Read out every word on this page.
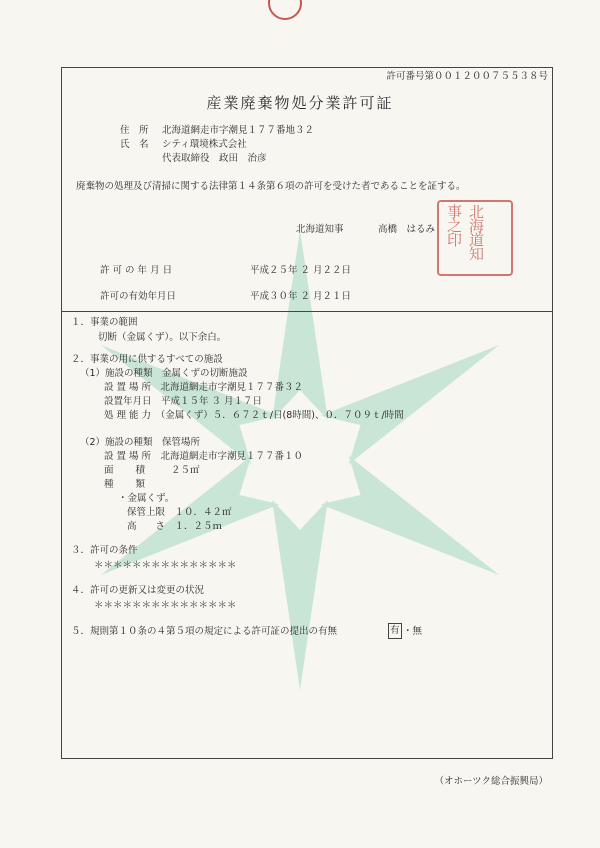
許可番号第００１２００７５５３８号
産業廃棄物処分業許可証
住　所 北海道網走市字潮見１７７番地３２
氏　名 シティ環境株式会社
代表取締役　政田　治彦
廃棄物の処理及び清掃に関する法律第１４条第６項の許可を受けた者であることを証する。
北海道知事	高橋　はるみ	北海道知事之印
許 可 の 年 月 日	平成２５年 ２ 月２２日
許可の有効年月日	平成３０年 ２ 月２１日
１．事業の範囲
切断（金属くず）。以下余白。
２．事業の用に供するすべての施設
（1）施設の種類　金属くずの切断施設
設 置 場 所　北海道網走市字潮見１７７番３２
設置年月日　平成１５年 ３ 月１７日
処 理 能 力　（金属くず）５．６７２ｔ/日(8時間)、０．７０９ｔ/時間
（2）施設の種類　保管場所
設 置 場 所　北海道網走市字潮見１７７番１０
面　　 積	２５㎡
種　　 類
・金属くず。
保管上限　１０．４２㎡
高　　さ　１．２５ｍ
３．許可の条件
＊＊＊＊＊＊＊＊＊＊＊＊＊＊＊
４．許可の更新又は変更の状況
＊＊＊＊＊＊＊＊＊＊＊＊＊＊＊
５．規則第１０条の４第５項の規定による許可証の提出の有無	有 ・無
（オホーツク総合振興局）
